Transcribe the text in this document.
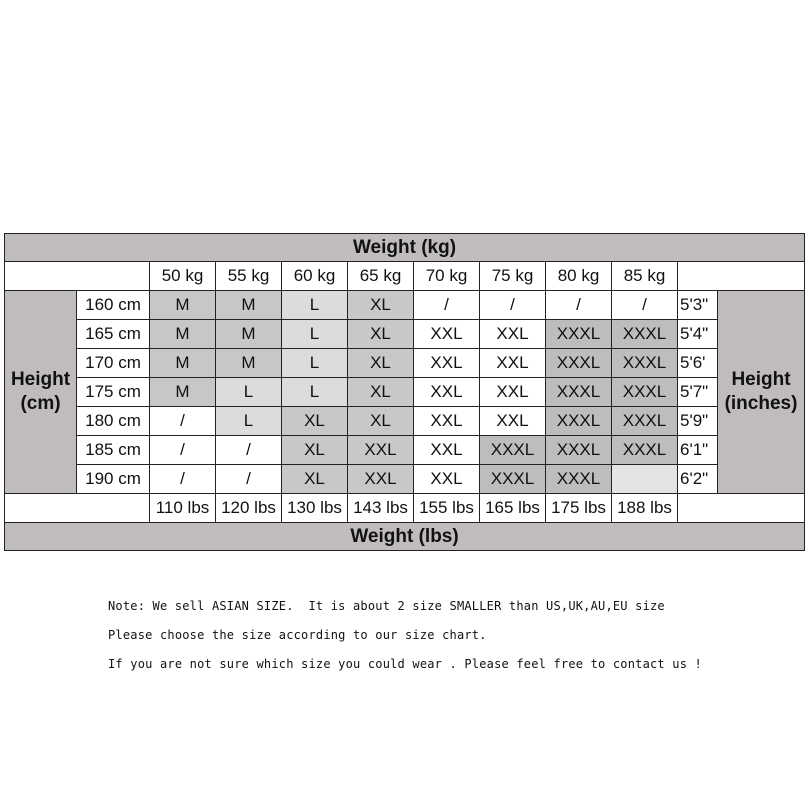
Weight (kg)											
		50 kg	55 kg	60 kg	65 kg	70 kg	75 kg	80 kg	85 kg		
Height (cm)	160 cm	M	M	L	XL	/	/	/	/	5'3"	Height (inches)
	165 cm	M	M	L	XL	XXL	XXL	XXXL	XXXL	5'4"	
	170 cm	M	M	L	XL	XXL	XXL	XXXL	XXXL	5'6'	
	175 cm	M	L	L	XL	XXL	XXL	XXXL	XXXL	5'7"	
	180 cm	/	L	XL	XL	XXL	XXL	XXXL	XXXL	5'9"	
	185 cm	/	/	XL	XXL	XXL	XXXL	XXXL	XXXL	6'1"	
	190 cm	/	/	XL	XXL	XXL	XXXL	XXXL		6'2"	
		110 lbs	120 lbs	130 lbs	143 lbs	155 lbs	165 lbs	175 lbs	188 lbs		
Weight (lbs)											

Note: We sell ASIAN SIZE.  It is about 2 size SMALLER than US,UK,AU,EU size

Please choose the size according to our size chart.

If you are not sure which size you could wear . Please feel free to contact us !
